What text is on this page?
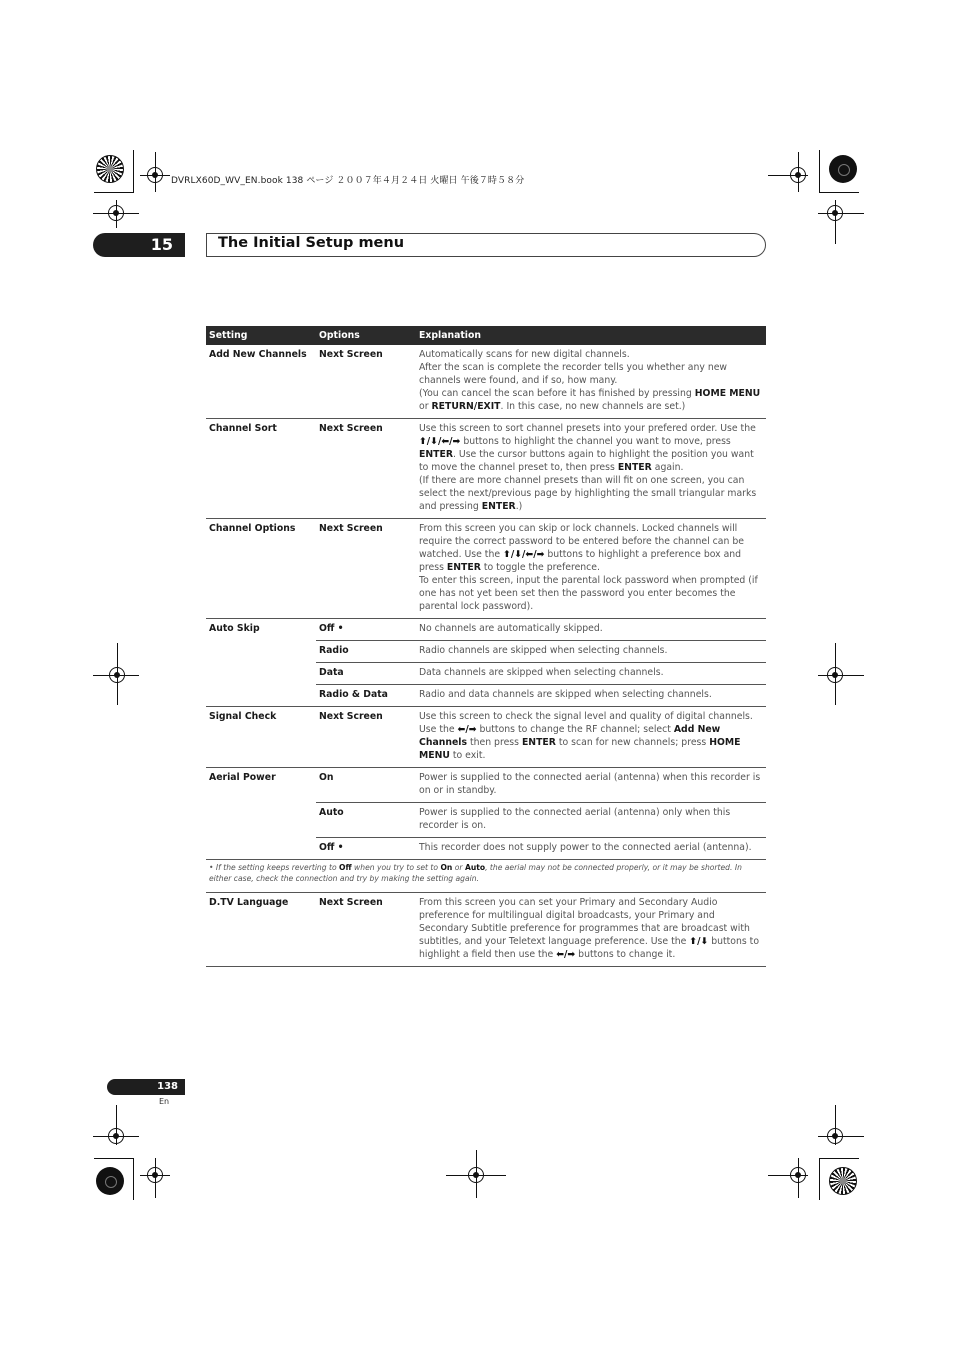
DVRLX60D_WV_EN.book 138 ページ ２００７年４月２４日 火曜日 午後７時５８分
15	The Initial Setup menu
Setting	Options	Explanation
Add New Channels	Next Screen	Automatically scans for new digital channels.
After the scan is complete the recorder tells you whether any new channels were found, and if so, how many.
(You can cancel the scan before it has finished by pressing HOME MENU or RETURN/EXIT. In this case, no new channels are set.)

Channel Sort	Next Screen	Use this screen to sort channel presets into your prefered order. Use the ⬆/⬇/⬅/➡ buttons to highlight the channel you want to move, press ENTER. Use the cursor buttons again to highlight the position you want to move the channel preset to, then press ENTER again.
(If there are more channel presets than will fit on one screen, you can select the next/previous page by highlighting the small triangular marks and pressing ENTER.)

Channel Options	Next Screen	From this screen you can skip or lock channels. Locked channels will require the correct password to be entered before the channel can be watched. Use the ⬆/⬇/⬅/➡ buttons to highlight a preference box and press ENTER to toggle the preference.
To enter this screen, input the parental lock password when prompted (if one has not yet been set then the password you enter becomes the parental lock password).

Auto Skip	Off •	No channels are automatically skipped.
	Radio	Radio channels are skipped when selecting channels.
	Data	Data channels are skipped when selecting channels.
	Radio & Data	Radio and data channels are skipped when selecting channels.
Signal Check	Next Screen	Use this screen to check the signal level and quality of digital channels. Use the ⬅/➡ buttons to change the RF channel; select Add New Channels then press ENTER to scan for new channels; press HOME MENU to exit.

Aerial Power	On	Power is supplied to the connected aerial (antenna) when this recorder is on or in standby.
	Auto	Power is supplied to the connected aerial (antenna) only when this recorder is on.
	Off •	This recorder does not supply power to the connected aerial (antenna).
• If the setting keeps reverting to Off when you try to set to On or Auto, the aerial may not be connected properly, or it may be shorted. In either case, check the connection and try by making the setting again.		
D.TV Language	Next Screen	From this screen you can set your Primary and Secondary Audio preference for multilingual digital broadcasts, your Primary and Secondary Subtitle preference for programmes that are broadcast with subtitles, and your Teletext language preference. Use the ⬆/⬇ buttons to highlight a field then use the ⬅/➡ buttons to change it.
138
En
